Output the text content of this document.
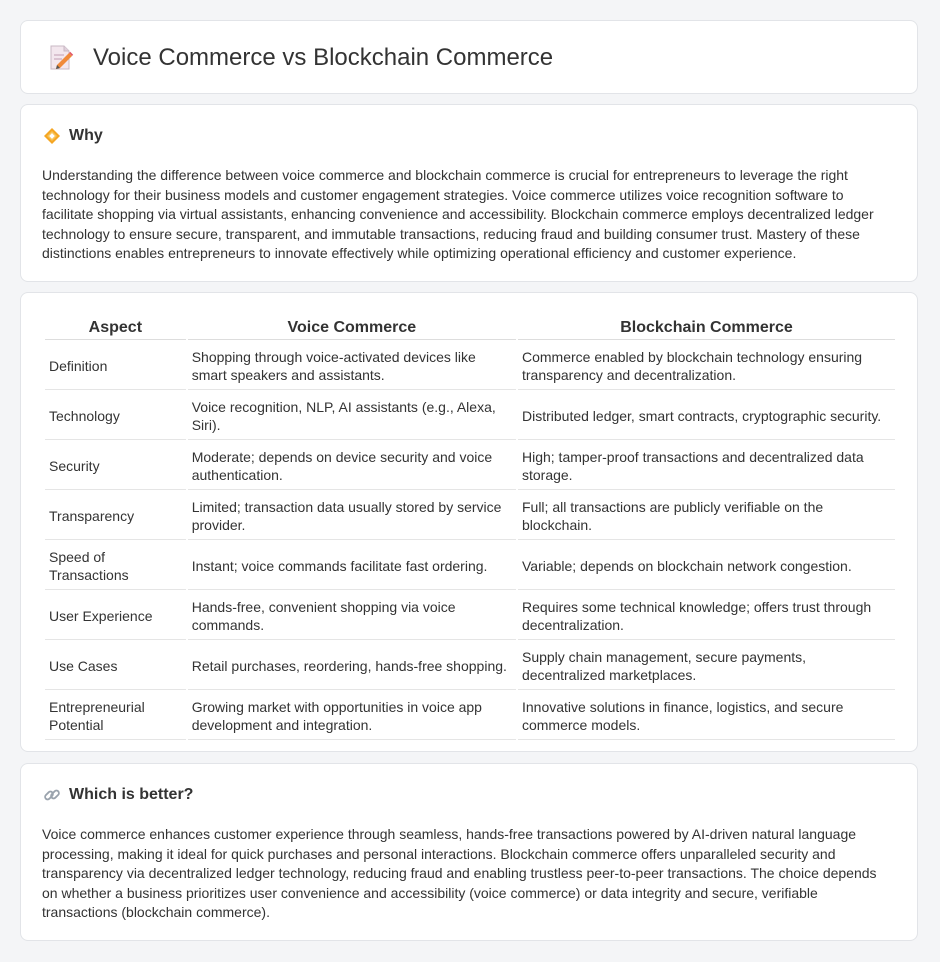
Voice Commerce vs Blockchain Commerce
Why

Understanding the difference between voice commerce and blockchain commerce is crucial for entrepreneurs to leverage the right technology for their business models and customer engagement strategies. Voice commerce utilizes voice recognition software to facilitate shopping via virtual assistants, enhancing convenience and accessibility. Blockchain commerce employs decentralized ledger technology to ensure secure, transparent, and immutable transactions, reducing fraud and building consumer trust. Mastery of these distinctions enables entrepreneurs to innovate effectively while optimizing operational efficiency and customer experience.

Aspect	Voice Commerce	Blockchain Commerce
Definition	Shopping through voice-activated devices like smart speakers and assistants.	Commerce enabled by blockchain technology ensuring transparency and decentralization.
Technology	Voice recognition, NLP, AI assistants (e.g., Alexa, Siri).	Distributed ledger, smart contracts, cryptographic security.
Security	Moderate; depends on device security and voice authentication.	High; tamper-proof transactions and decentralized data storage.
Transparency	Limited; transaction data usually stored by service provider.	Full; all transactions are publicly verifiable on the blockchain.
Speed of Transactions	Instant; voice commands facilitate fast ordering.	Variable; depends on blockchain network congestion.
User Experience	Hands-free, convenient shopping via voice commands.	Requires some technical knowledge; offers trust through decentralization.
Use Cases	Retail purchases, reordering, hands-free shopping.	Supply chain management, secure payments, decentralized marketplaces.
Entrepreneurial Potential	Growing market with opportunities in voice app development and integration.	Innovative solutions in finance, logistics, and secure commerce models.
Which is better?

Voice commerce enhances customer experience through seamless, hands-free transactions powered by AI-driven natural language processing, making it ideal for quick purchases and personal interactions. Blockchain commerce offers unparalleled security and transparency via decentralized ledger technology, reducing fraud and enabling trustless peer-to-peer transactions. The choice depends on whether a business prioritizes user convenience and accessibility (voice commerce) or data integrity and secure, verifiable transactions (blockchain commerce).
